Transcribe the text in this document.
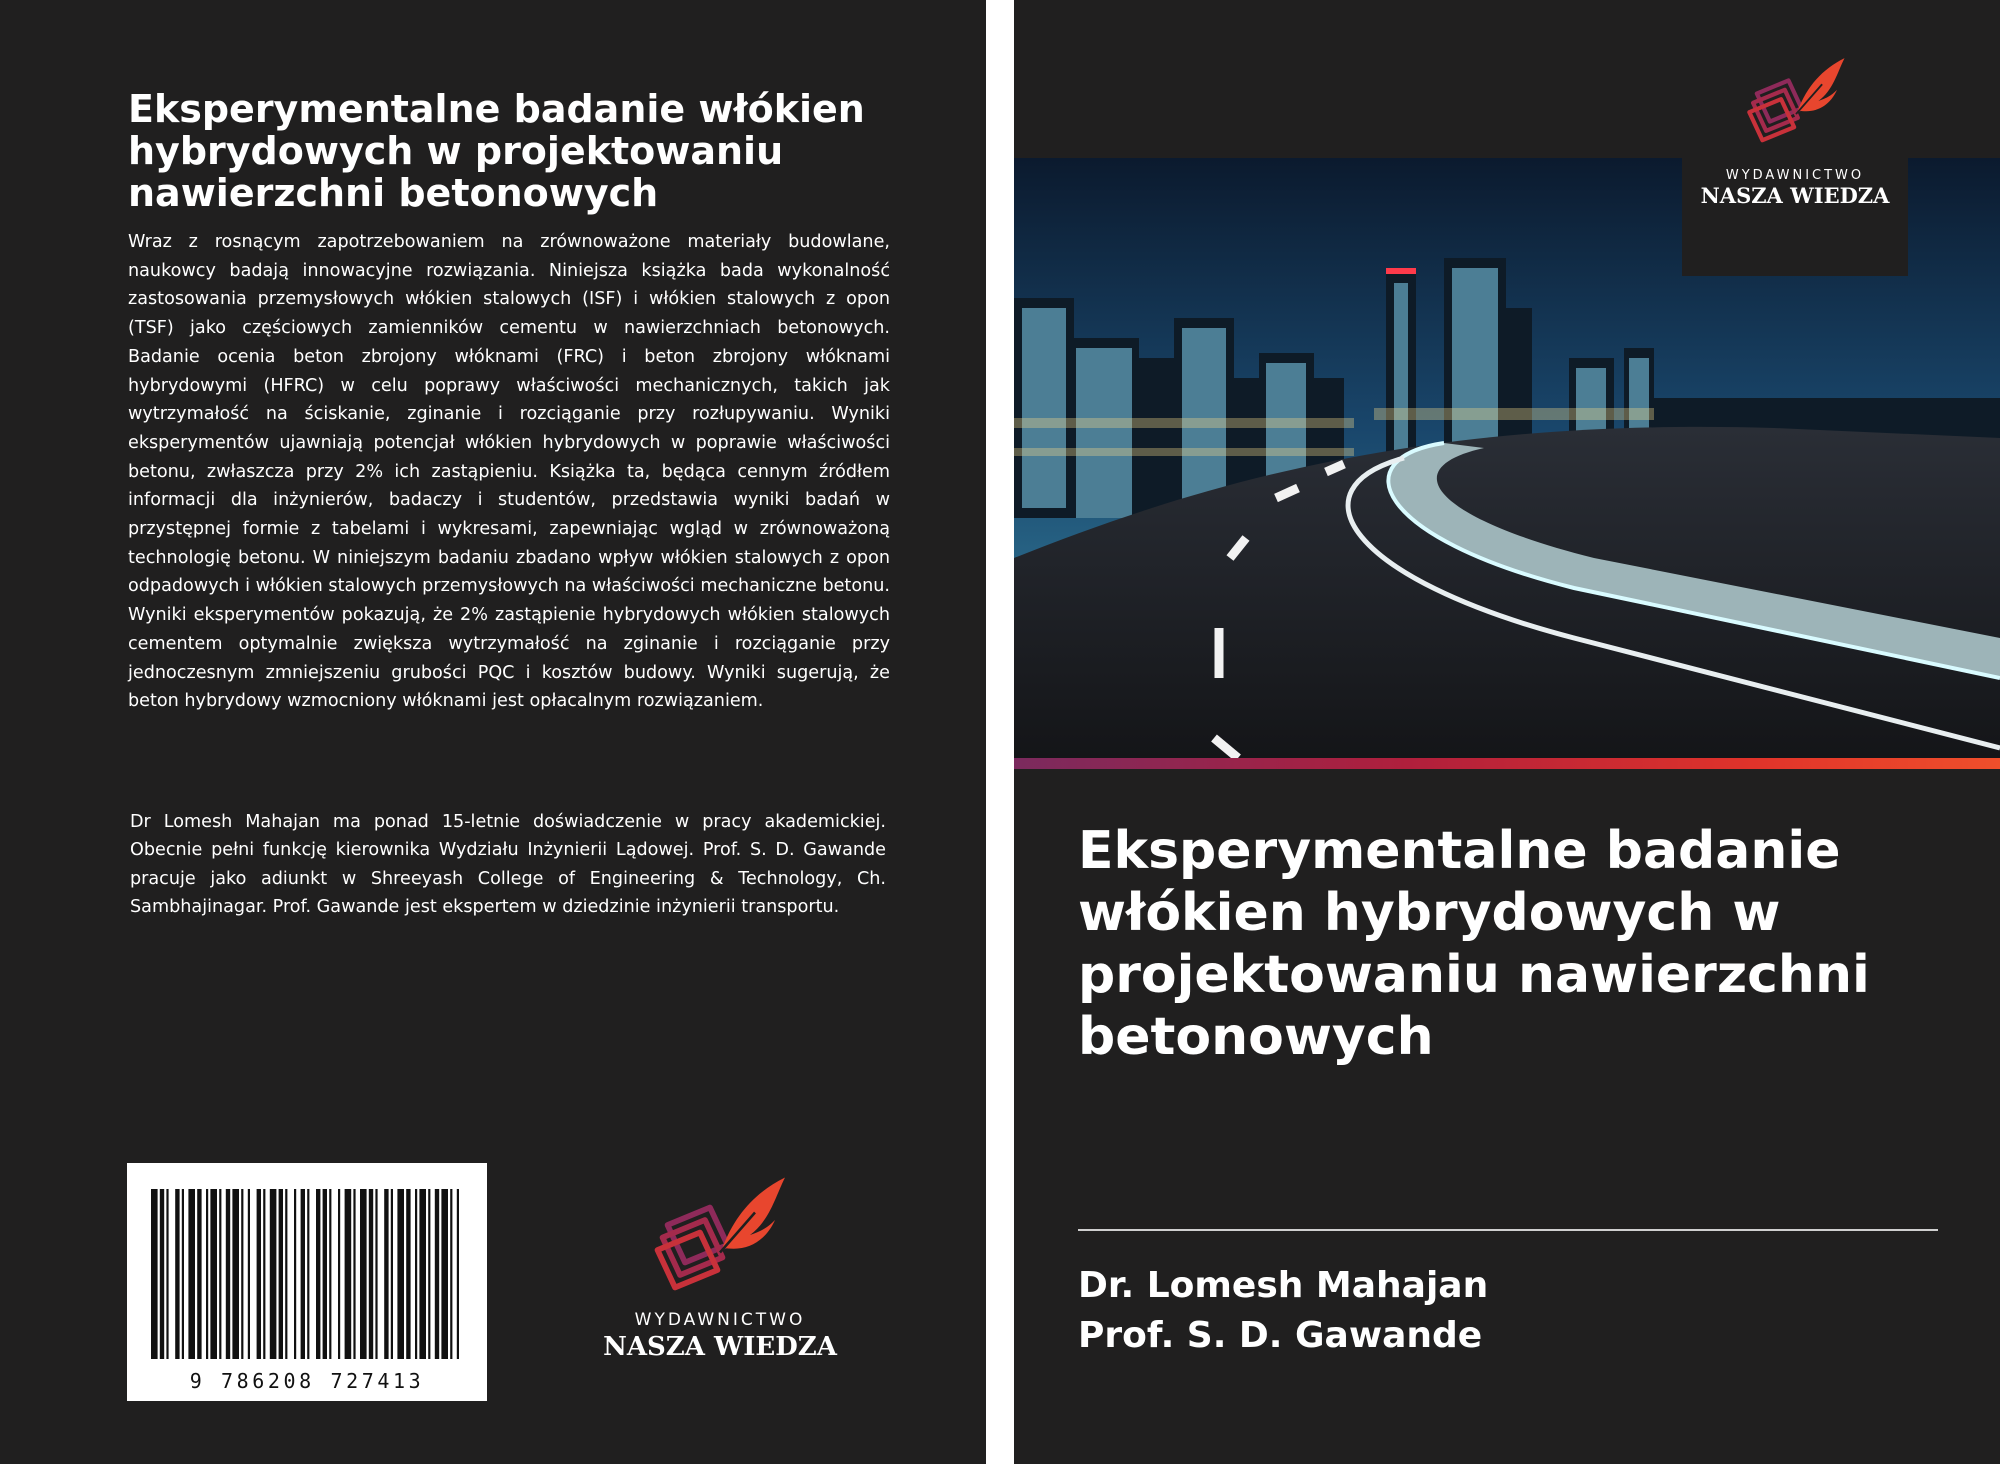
Eksperymentalne badanie włókien hybrydowych w projektowaniu nawierzchni betonowych

Wraz z rosnącym zapotrzebowaniem na zrównoważone materiały budowlane, naukowcy badają innowacyjne rozwiązania. Niniejsza książka bada wykonalność zastosowania przemysłowych włókien stalowych (ISF) i włókien stalowych z opon (TSF) jako częściowych zamienników cementu w nawierzchniach betonowych. Badanie ocenia beton zbrojony włóknami (FRC) i beton zbrojony włóknami hybrydowymi (HFRC) w celu poprawy właściwości mechanicznych, takich jak wytrzymałość na ściskanie, zginanie i rozciąganie przy rozłupywaniu. Wyniki eksperymentów ujawniają potencjał włókien hybrydowych w poprawie właściwości betonu, zwłaszcza przy 2% ich zastąpieniu. Książka ta, będąca cennym źródłem informacji dla inżynierów, badaczy i studentów, przedstawia wyniki badań w przystępnej formie z tabelami i wykresami, zapewniając wgląd w zrównoważoną technologię betonu. W niniejszym badaniu zbadano wpływ włókien stalowych z opon odpadowych i włókien stalowych przemysłowych na właściwości mechaniczne betonu. Wyniki eksperymentów pokazują, że 2% zastąpienie hybrydowych włókien stalowych cementem optymalnie zwiększa wytrzymałość na zginanie i rozciąganie przy jednoczesnym zmniejszeniu grubości PQC i kosztów budowy. Wyniki sugerują, że beton hybrydowy wzmocniony włóknami jest opłacalnym rozwiązaniem.

Dr Lomesh Mahajan ma ponad 15-letnie doświadczenie w pracy akademickiej. Obecnie pełni funkcję kierownika Wydziału Inżynierii Lądowej. Prof. S. D. Gawande pracuje jako adiunkt w Shreeyash College of Engineering & Technology, Ch. Sambhajinagar. Prof. Gawande jest ekspertem w dziedzinie inżynierii transportu.

9 786208 727413

WYDAWNICTWO
NASZA WIEDZA
WYDAWNICTWO
NASZA WIEDZA
Eksperymentalne badanie włókien hybrydowych w projektowaniu nawierzchni betonowych

Dr. Lomesh Mahajan

Prof. S. D. Gawande
